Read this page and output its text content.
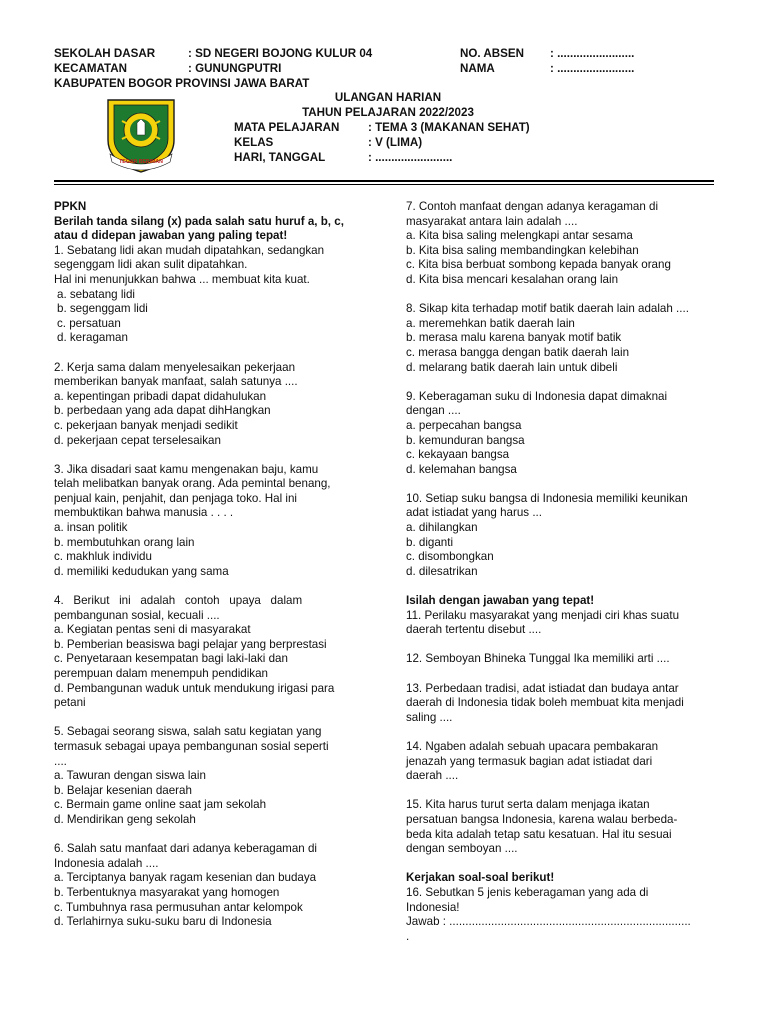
SEKOLAH DASAR	: SD NEGERI BOJONG KULUR 04
KECAMATAN	: GUNUNGPUTRI
KABUPATEN BOGOR PROVINSI JAWA BARAT
NO. ABSEN : ........................
NAMA	: ........................
ULANGAN HARIAN
TAHUN PELAJARAN 2022/2023
MATA PELAJARAN : TEMA 3 (MAKANAN SEHAT)
KELAS	: V (LIMA)
HARI, TANGGAL	: ........................
TEGAR BERIMAN

PPKN

Berilah tanda silang (x) pada salah satu huruf a, b, c,

atau d didepan jawaban yang paling tepat!

1. Sebatang lidi akan mudah dipatahkan, sedangkan

segenggam lidi akan sulit dipatahkan.

Hal ini menunjukkan bahwa ... membuat kita kuat.

a. sebatang lidi

b. segenggam lidi

c. persatuan

d. keragaman

2. Kerja sama dalam menyelesaikan pekerjaan

memberikan banyak manfaat, salah satunya ....

a. kepentingan pribadi dapat didahulukan

b. perbedaan yang ada dapat dihHangkan

c. pekerjaan banyak menjadi sedikit

d. pekerjaan cepat terselesaikan

3. Jika disadari saat kamu mengenakan baju, kamu

telah melibatkan banyak orang. Ada pemintal benang,

penjual kain, penjahit, dan penjaga toko. Hal ini

membuktikan bahwa manusia . . . .

a. insan politik

b. membutuhkan orang lain

c. makhluk individu

d. memiliki kedudukan yang sama

4.   Berikut   ini   adalah   contoh   upaya   dalam

pembangunan sosial, kecuali ....

a. Kegiatan pentas seni di masyarakat

b. Pemberian beasiswa bagi pelajar yang berprestasi

c. Penyetaraan kesempatan bagi laki-laki dan

perempuan dalam menempuh pendidikan

d. Pembangunan waduk untuk mendukung irigasi para

petani

5. Sebagai seorang siswa, salah satu kegiatan yang

termasuk sebagai upaya pembangunan sosial seperti

....

a. Tawuran dengan siswa lain

b. Belajar kesenian daerah

c. Bermain game online saat jam sekolah

d. Mendirikan geng sekolah

6. Salah satu manfaat dari adanya keberagaman di

Indonesia adalah ....

a. Terciptanya banyak ragam kesenian dan budaya

b. Terbentuknya masyarakat yang homogen

c. Tumbuhnya rasa permusuhan antar kelompok

d. Terlahirnya suku-suku baru di Indonesia

7. Contoh manfaat dengan adanya keragaman di

masyarakat antara lain adalah ....

a. Kita bisa saling melengkapi antar sesama

b. Kita bisa saling membandingkan kelebihan

c. Kita bisa berbuat sombong kepada banyak orang

d. Kita bisa mencari kesalahan orang lain

8. Sikap kita terhadap motif batik daerah lain adalah ....

a. meremehkan batik daerah lain

b. merasa malu karena banyak motif batik

c. merasa bangga dengan batik daerah lain

d. melarang batik daerah lain untuk dibeli

9. Keberagaman suku di Indonesia dapat dimaknai

dengan ....

a. perpecahan bangsa

b. kemunduran bangsa

c. kekayaan bangsa

d. kelemahan bangsa

10. Setiap suku bangsa di Indonesia memiliki keunikan

adat istiadat yang harus ...

a. dihilangkan

b. diganti

c. disombongkan

d. dilesatrikan

Isilah dengan jawaban yang tepat!

11. Perilaku masyarakat yang menjadi ciri khas suatu

daerah tertentu disebut ....

12. Semboyan Bhineka Tunggal Ika memiliki arti ....

13. Perbedaan tradisi, adat istiadat dan budaya antar

daerah di Indonesia tidak boleh membuat kita menjadi

saling ....

14. Ngaben adalah sebuah upacara pembakaran

jenazah yang termasuk bagian adat istiadat dari

daerah ....

15. Kita harus turut serta dalam menjaga ikatan

persatuan bangsa Indonesia, karena walau berbeda-

beda kita adalah tetap satu kesatuan. Hal itu sesuai

dengan semboyan ....

Kerjakan soal-soal berikut!

16. Sebutkan 5 jenis keberagaman yang ada di

Indonesia!

Jawab : ...........................................................................

.
